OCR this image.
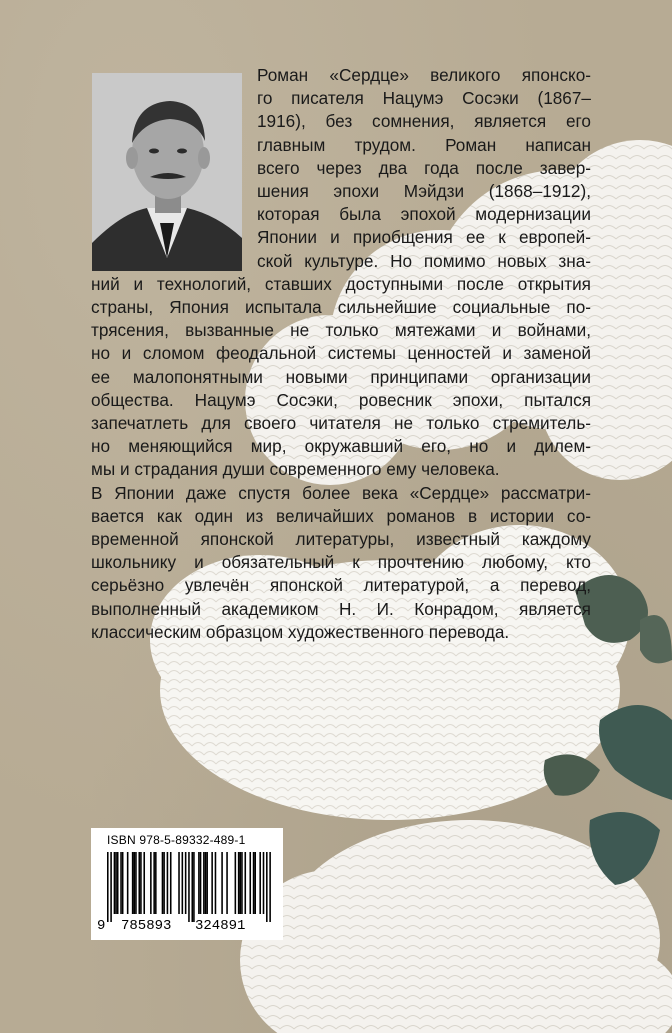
Роман «Сердце» великого японско-
го писателя Нацумэ Сосэки (1867–
1916), без сомнения, является его
главным трудом. Роман написан
всего через два года после завер-
шения эпохи Мэйдзи (1868–1912),
которая была эпохой модернизации
Японии и приобщения ее к европей-
ской культуре. Но помимо новых зна-
ний и технологий, ставших доступными после открытия
страны, Япония испытала сильнейшие социальные по-
трясения, вызванные не только мятежами и войнами,
но и сломом феодальной системы ценностей и заменой
ее малопонятными новыми принципами организации
общества. Нацумэ Сосэки, ровесник эпохи, пытался
запечатлеть для своего читателя не только стремитель-
но меняющийся мир, окружавший его, но и дилем-
мы и страдания души современного ему человека.
В Японии даже спустя более века «Сердце» рассматри-
вается как один из величайших романов в истории со-
временной японской литературы, известный каждому
школьнику и обязательный к прочтению любому, кто
серьёзно увлечён японской литературой, а перевод,
выполненный академиком Н. И. Конрадом, является
классическим образцом художественного перевода.
ISBN 978-5-89332-489-1
9 785893 324891
